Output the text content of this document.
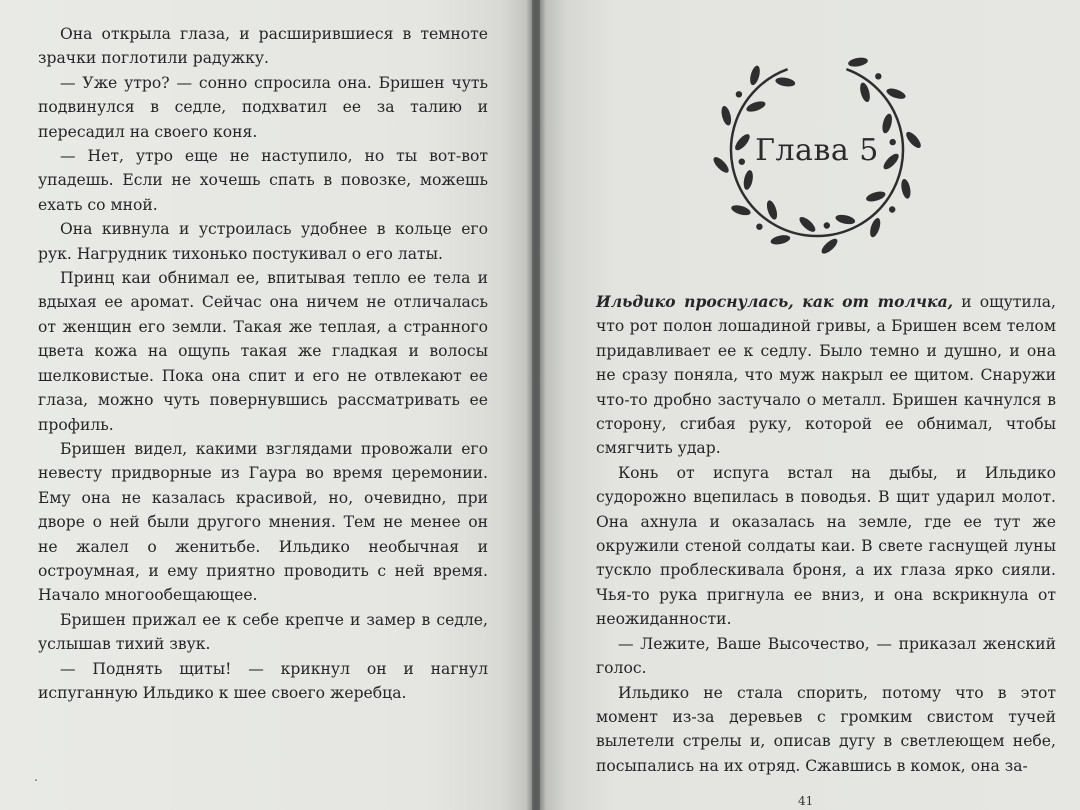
Она открыла глаза, и расширившиеся в темноте зрачки поглотили радужку.

— Уже утро? — сонно спросила она. Бришен чуть подвинулся в седле, подхватил ее за талию и пересадил на своего коня.

— Нет, утро еще не наступило, но ты вот-вот упадешь. Если не хочешь спать в повозке, можешь ехать со мной.

Она кивнула и устроилась удобнее в кольце его рук. Нагрудник тихонько постукивал о его латы.

Принц каи обнимал ее, впитывая тепло ее тела и вдыхая ее аромат. Сейчас она ничем не отличалась от женщин его земли. Такая же теплая, а странного цвета кожа на ощупь такая же гладкая и волосы шелковистые. Пока она спит и его не отвлекают ее глаза, можно чуть повернувшись рассматривать ее профиль.

Бришен видел, какими взглядами провожали его невесту придворные из Гаура во время церемонии. Ему она не казалась красивой, но, очевидно, при дворе о ней были другого мнения. Тем не менее он не жалел о женитьбе. Ильдико необычная и остроумная, и ему приятно проводить с ней время. Начало многообещающее.

Бришен прижал ее к себе крепче и замер в седле, услышав тихий звук.

— Поднять щиты! — крикнул он и нагнул испуганную Ильдико к шее своего жеребца.

.
Глава 5

Ильдико проснулась, как от толчка, и ощутила, что рот полон лошадиной гривы, а Бришен всем телом придавливает ее к седлу. Было темно и душно, и она не сразу поняла, что муж накрыл ее щитом. Снаружи что-то дробно застучало о металл. Бришен качнулся в сторону, сгибая руку, которой ее обнимал, чтобы смягчить удар.

Конь от испуга встал на дыбы, и Ильдико судорожно вцепилась в поводья. В щит ударил молот. Она ахнула и оказалась на земле, где ее тут же окружили стеной солдаты каи. В свете гаснущей луны тускло проблескивала броня, а их глаза ярко сияли. Чья-то рука пригнула ее вниз, и она вскрикнула от неожиданности.

— Лежите, Ваше Высочество, — приказал женский голос.

Ильдико не стала спорить, потому что в этот момент из-за деревьев с громким свистом тучей вылетели стрелы и, описав дугу в светлеющем небе, посыпались на их отряд. Сжавшись в комок, она за-

41
